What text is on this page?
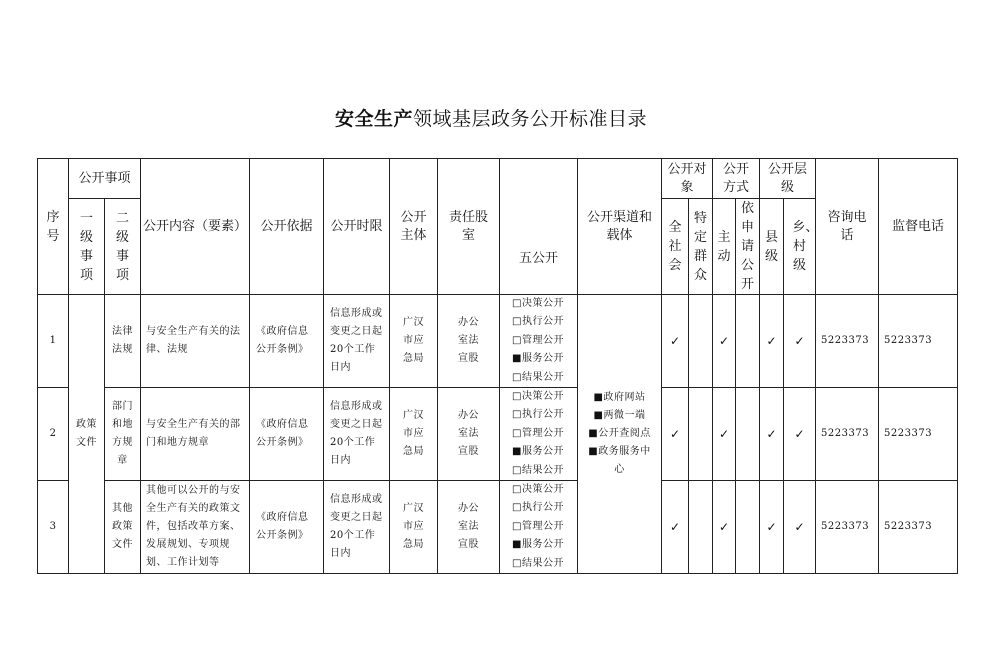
安全生产领域基层政务公开标准目录
序号	公开事项		公开内容（要素）	公开依据	公开时限	公开主体	责任股室	五公开	公开渠道和载体	公开对象		公开方式		公开层级		咨询电话	监督电话

	一级事项	二级事项								全社会	特定群众	主动	依申请公开	县级	乡、村级		

1	政策文件	法律法规	与安全生产有关的法律、法规	《政府信息公开条例》	信息形成或变更之日起20个工作日内	广汉市应急局	办公室法宣股	□决策公开
□执行公开
□管理公开
■服务公开
□结果公开	■政府网站
■两微一端
■公开查阅点
■政务服务中
心	✓		✓		✓	✓	5223373	5223373
2		部门和地方规章	与安全生产有关的部门和地方规章	《政府信息公开条例》	信息形成或变更之日起20个工作日内	广汉市应急局	办公室法宣股	□决策公开
□执行公开
□管理公开
■服务公开
□结果公开		✓		✓		✓	✓	5223373	5223373
3		其他政策文件	其他可以公开的与安全生产有关的政策文件，包括改革方案、发展规划、专项规划、工作计划等	《政府信息公开条例》	信息形成或变更之日起20个工作日内	广汉市应急局	办公室法宣股	□决策公开
□执行公开
□管理公开
■服务公开
□结果公开		✓		✓		✓	✓	5223373	5223373
